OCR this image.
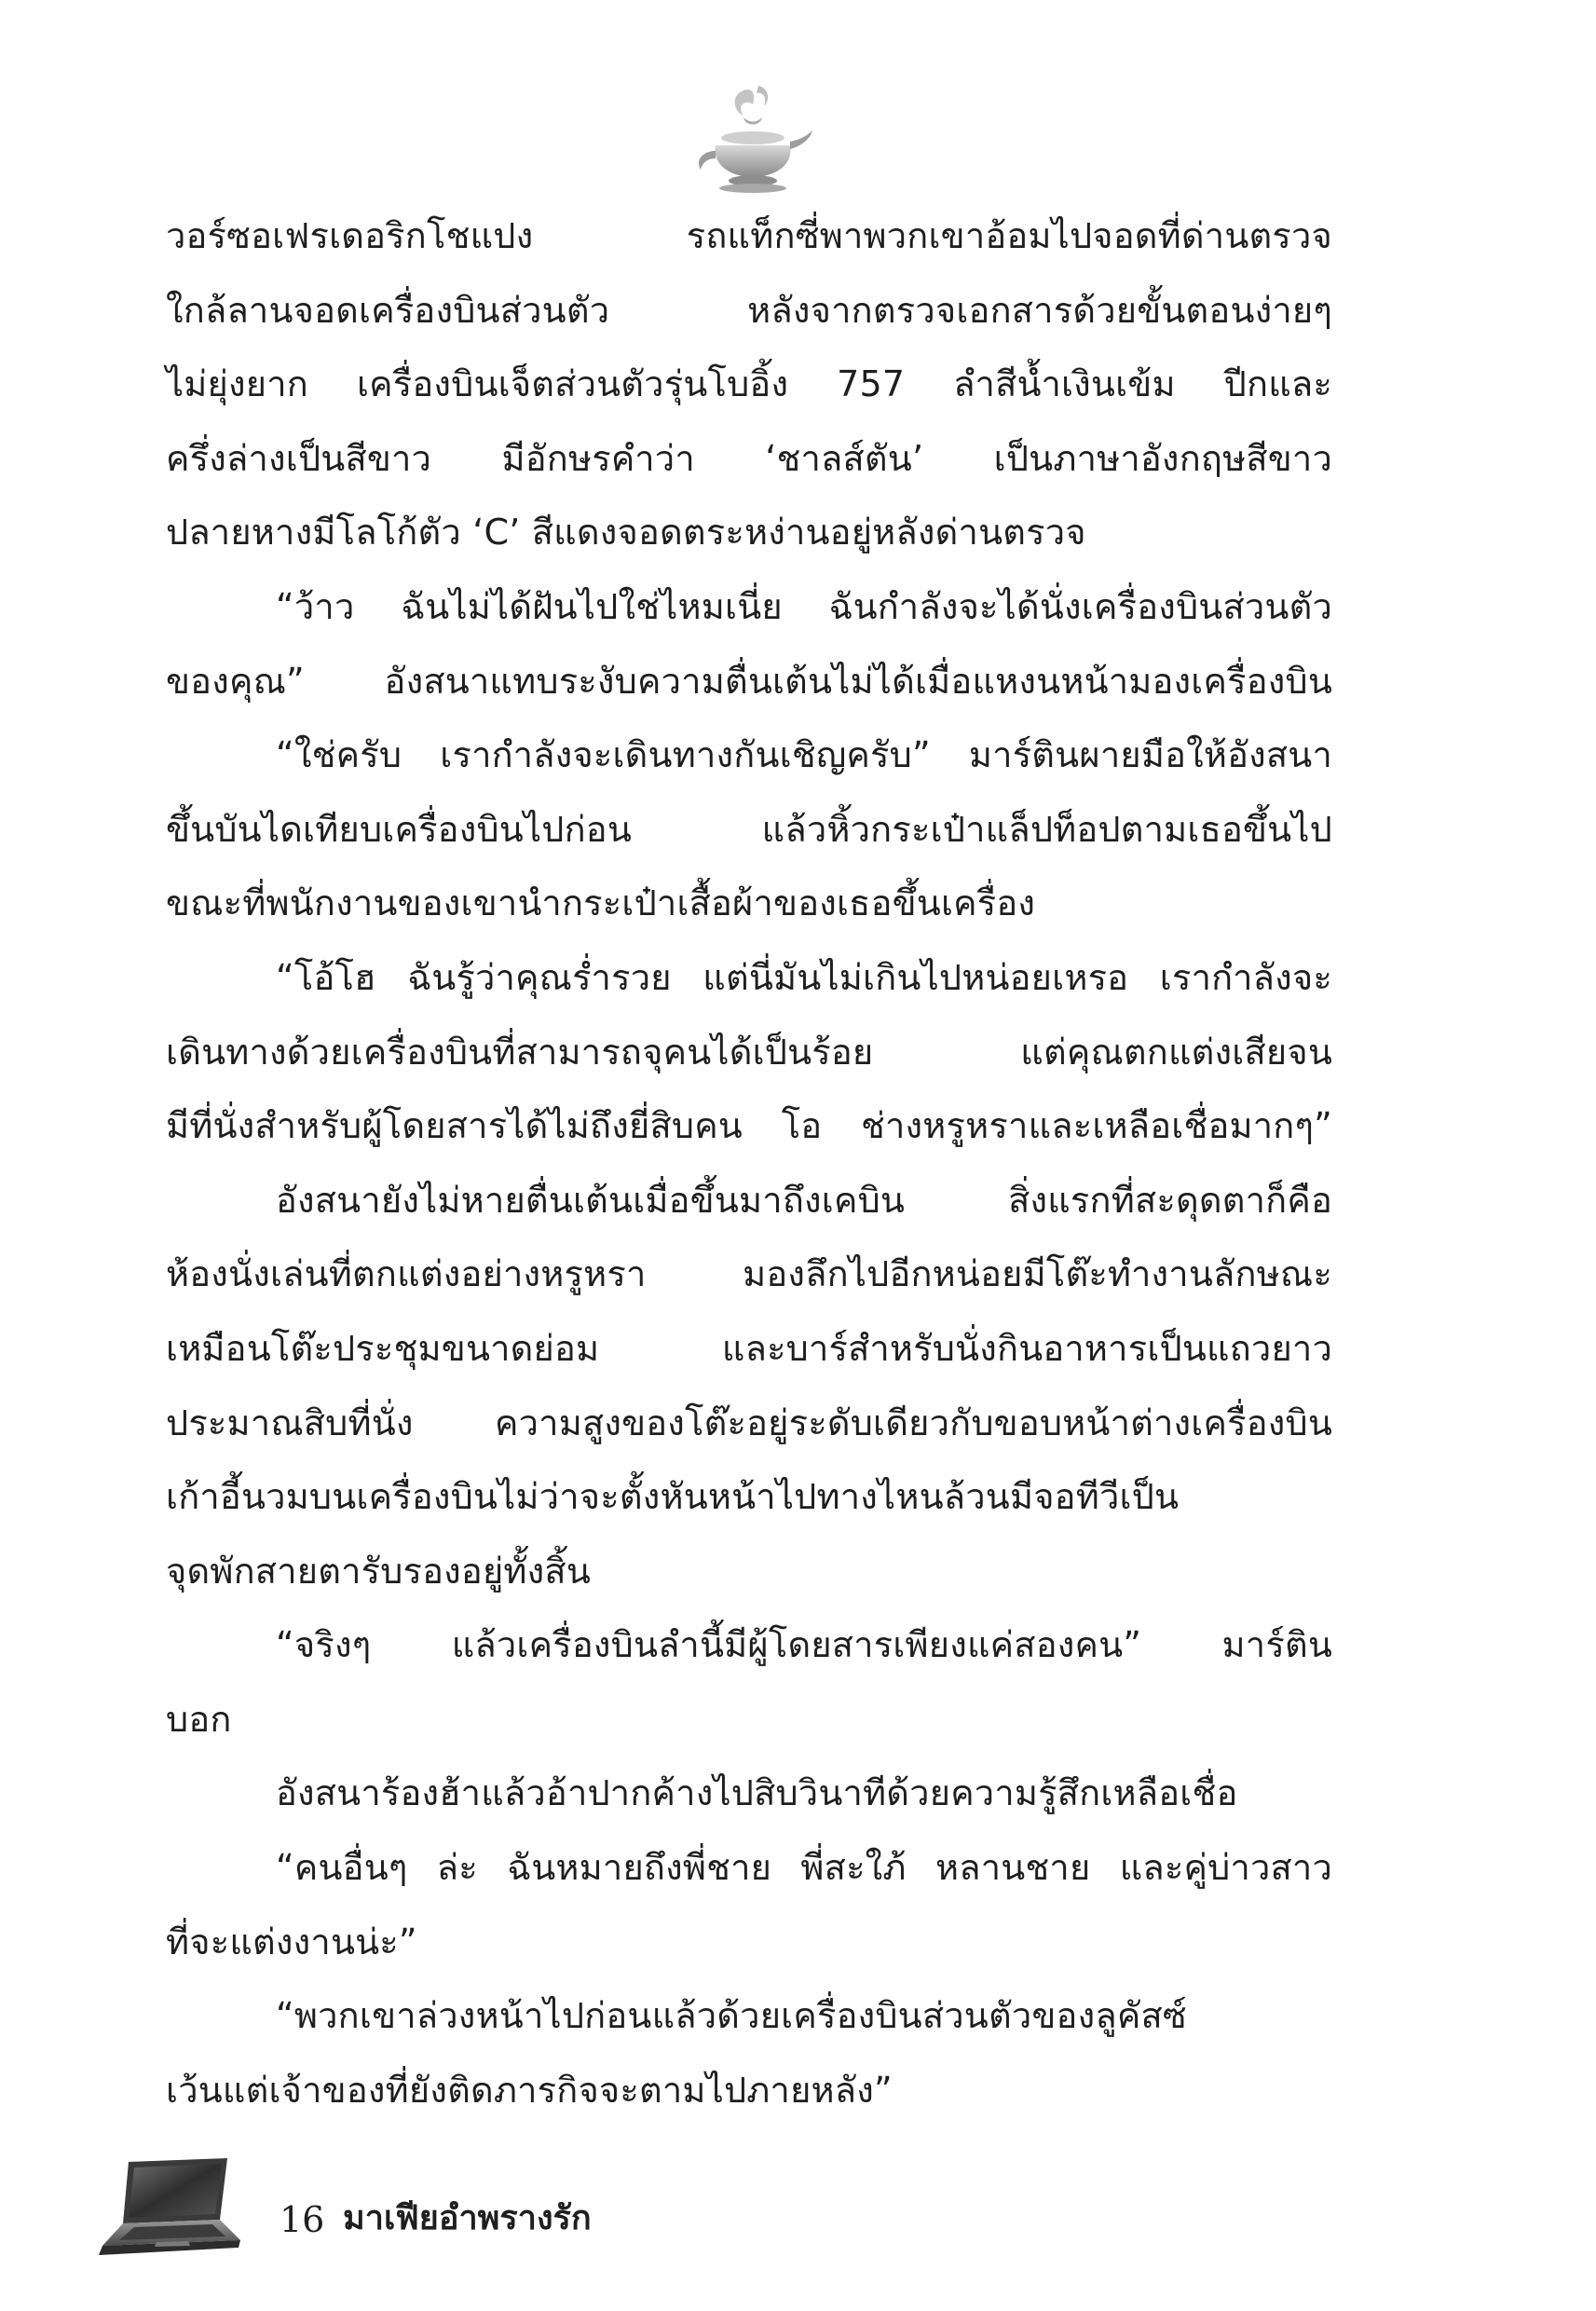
วอร์ซอเฟรเดอริกโชแปง รถแท็กซี่พาพวกเขาอ้อมไปจอดที่ด่านตรวจ
ใกล้ลานจอดเครื่องบินส่วนตัว หลังจากตรวจเอกสารด้วยขั้นตอนง่ายๆ
ไม่ยุ่งยาก เครื่องบินเจ็ตส่วนตัวรุ่นโบอิ้ง 757 ลำสีน้ำเงินเข้ม ปีกและ
ครึ่งล่างเป็นสีขาว มีอักษรคำว่า ‘ชาลส์ตัน’ เป็นภาษาอังกฤษสีขาว
ปลายหางมีโลโก้ตัว ‘C’ สีแดงจอดตระหง่านอยู่หลังด่านตรวจ
“ว้าว ฉันไม่ได้ฝันไปใช่ไหมเนี่ย ฉันกำลังจะได้นั่งเครื่องบินส่วนตัว
ของคุณ” อังสนาแทบระงับความตื่นเต้นไม่ได้เมื่อแหงนหน้ามองเครื่องบิน
“ใช่ครับ เรากำลังจะเดินทางกันเชิญครับ” มาร์ตินผายมือให้อังสนา
ขึ้นบันไดเทียบเครื่องบินไปก่อน แล้วหิ้วกระเป๋าแล็ปท็อปตามเธอขึ้นไป
ขณะที่พนักงานของเขานำกระเป๋าเสื้อผ้าของเธอขึ้นเครื่อง
“โอ้โฮ ฉันรู้ว่าคุณร่ำรวย แต่นี่มันไม่เกินไปหน่อยเหรอ เรากำลังจะ
เดินทางด้วยเครื่องบินที่สามารถจุคนได้เป็นร้อย แต่คุณตกแต่งเสียจน
มีที่นั่งสำหรับผู้โดยสารได้ไม่ถึงยี่สิบคน โอ ช่างหรูหราและเหลือเชื่อมากๆ”
อังสนายังไม่หายตื่นเต้นเมื่อขึ้นมาถึงเคบิน สิ่งแรกที่สะดุดตาก็คือ
ห้องนั่งเล่นที่ตกแต่งอย่างหรูหรา มองลึกไปอีกหน่อยมีโต๊ะทำงานลักษณะ
เหมือนโต๊ะประชุมขนาดย่อม และบาร์สำหรับนั่งกินอาหารเป็นแถวยาว
ประมาณสิบที่นั่ง ความสูงของโต๊ะอยู่ระดับเดียวกับขอบหน้าต่างเครื่องบิน
เก้าอี้นวมบนเครื่องบินไม่ว่าจะตั้งหันหน้าไปทางไหนล้วนมีจอทีวีเป็น
จุดพักสายตารับรองอยู่ทั้งสิ้น
“จริงๆ แล้วเครื่องบินลำนี้มีผู้โดยสารเพียงแค่สองคน” มาร์ติน
บอก
อังสนาร้องฮ้าแล้วอ้าปากค้างไปสิบวินาทีด้วยความรู้สึกเหลือเชื่อ
“คนอื่นๆ ล่ะ ฉันหมายถึงพี่ชาย พี่สะใภ้ หลานชาย และคู่บ่าวสาว
ที่จะแต่งงานน่ะ”
“พวกเขาล่วงหน้าไปก่อนแล้วด้วยเครื่องบินส่วนตัวของลูคัสซ์
เว้นแต่เจ้าของที่ยังติดภารกิจจะตามไปภายหลัง”
16 มาเฟียอำพรางรัก
